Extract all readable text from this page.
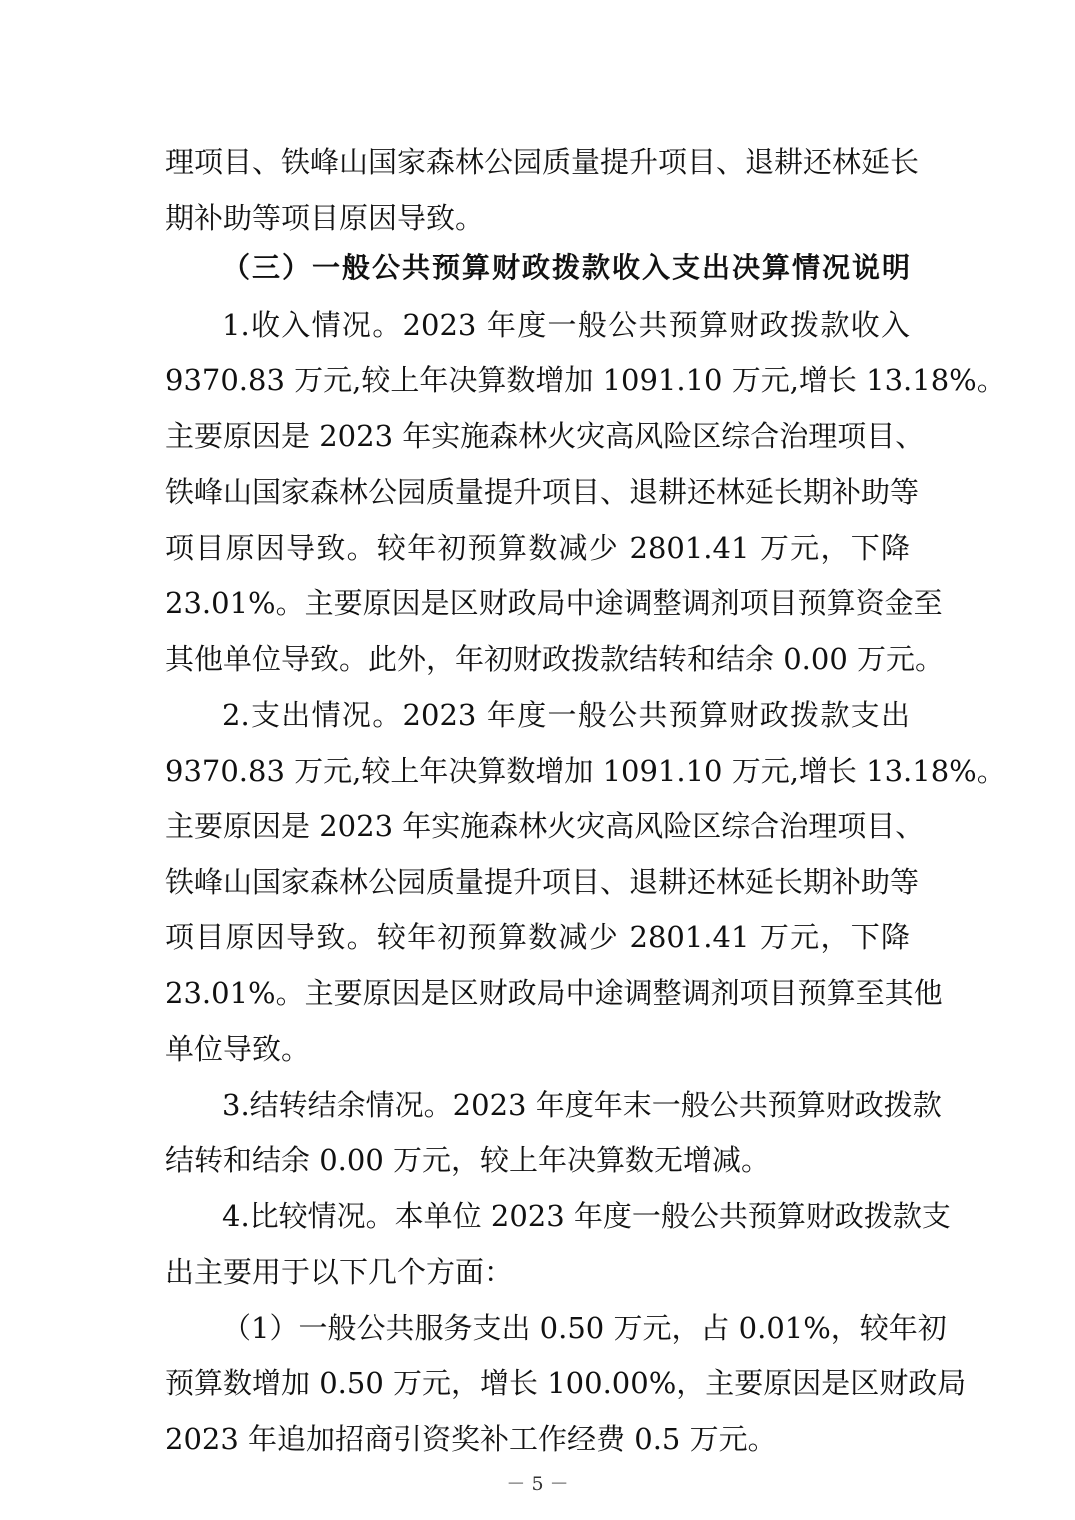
理项目、铁峰山国家森林公园质量提升项目、退耕还林延长
期补助等项目原因导致。
（三）一般公共预算财政拨款收入支出决算情况说明
1.收入情况。2023 年度一般公共预算财政拨款收入
9370.83 万元,较上年决算数增加 1091.10 万元,增长 13.18%。
主要原因是 2023 年实施森林火灾高风险区综合治理项目、
铁峰山国家森林公园质量提升项目、退耕还林延长期补助等
项目原因导致。较年初预算数减少 2801.41 万元，下降
23.01%。主要原因是区财政局中途调整调剂项目预算资金至
其他单位导致。此外，年初财政拨款结转和结余 0.00 万元。
2.支出情况。2023 年度一般公共预算财政拨款支出
9370.83 万元,较上年决算数增加 1091.10 万元,增长 13.18%。
主要原因是 2023 年实施森林火灾高风险区综合治理项目、
铁峰山国家森林公园质量提升项目、退耕还林延长期补助等
项目原因导致。较年初预算数减少 2801.41 万元，下降
23.01%。主要原因是区财政局中途调整调剂项目预算至其他
单位导致。
3.结转结余情况。2023 年度年末一般公共预算财政拨款
结转和结余 0.00 万元，较上年决算数无增减。
4.比较情况。本单位 2023 年度一般公共预算财政拨款支
出主要用于以下几个方面：
（1）一般公共服务支出 0.50 万元，占 0.01%，较年初
预算数增加 0.50 万元，增长 100.00%，主要原因是区财政局
2023 年追加招商引资奖补工作经费 0.5 万元。
－ 5 －
